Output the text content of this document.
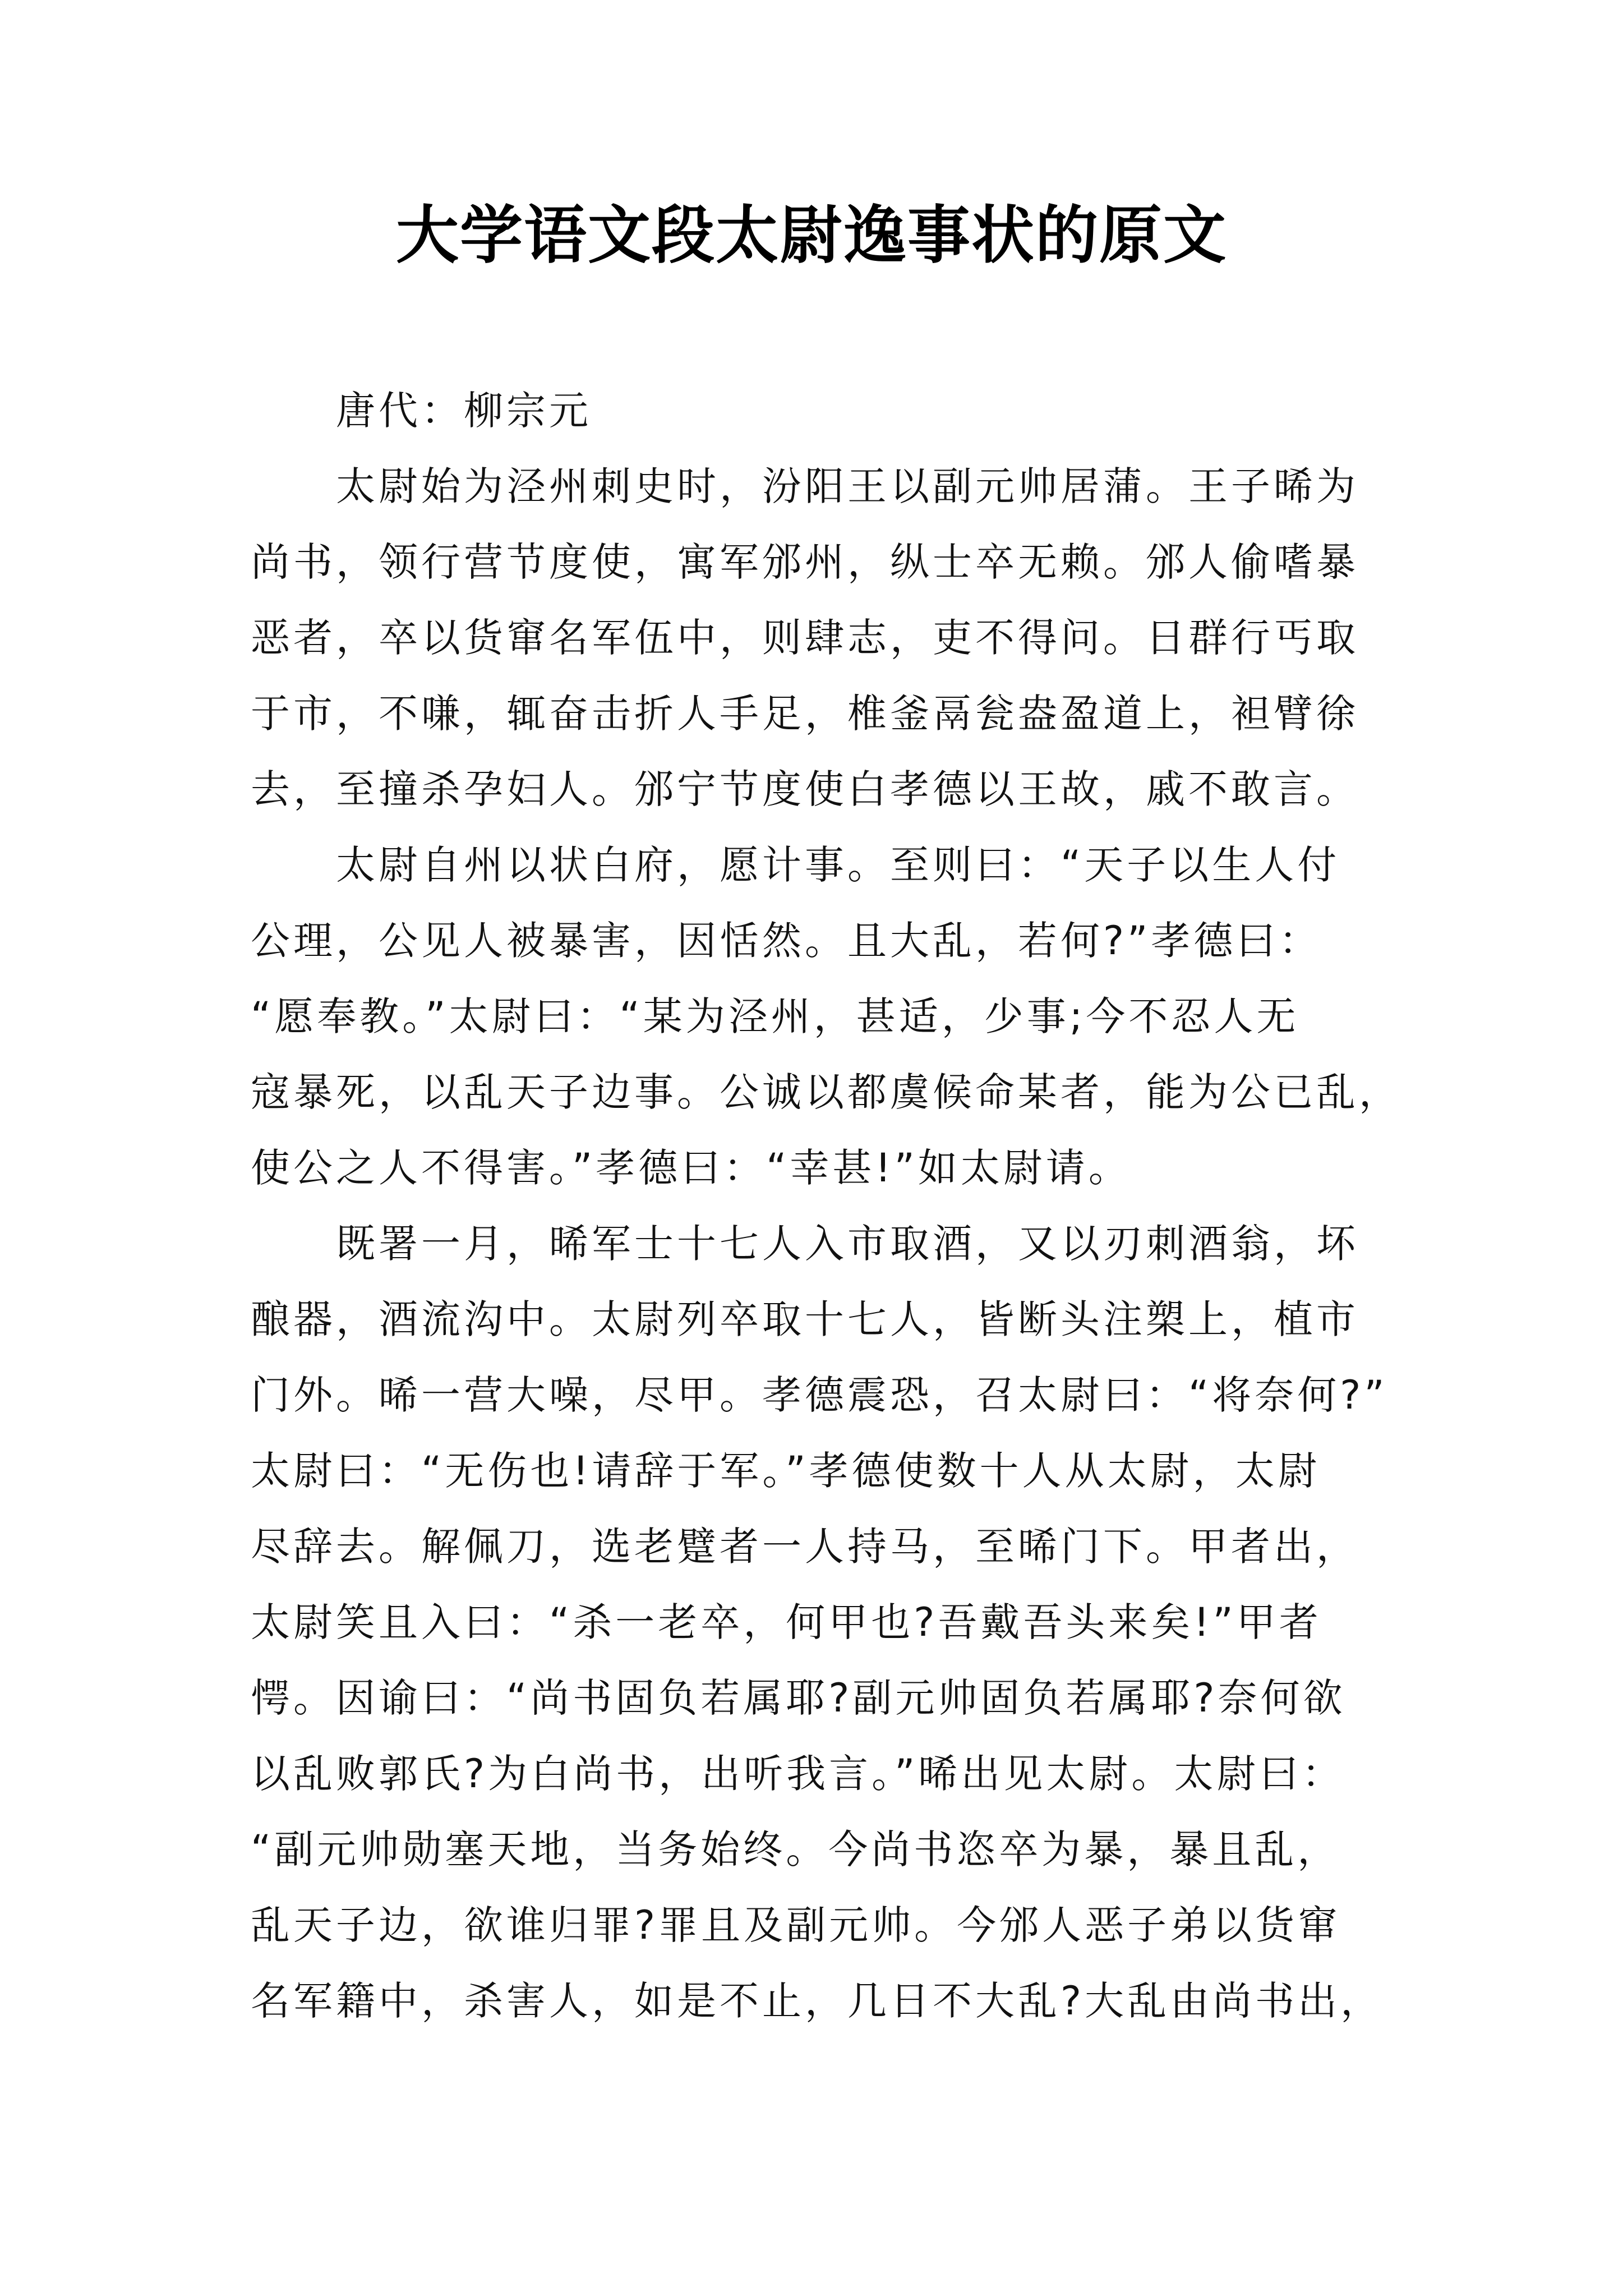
大学语文段太尉逸事状的原文
唐代：柳宗元
太尉始为泾州刺史时，汾阳王以副元帅居蒲。王子晞为
尚书，领行营节度使，寓军邠州，纵士卒无赖。邠人偷嗜暴
恶者，卒以货窜名军伍中，则肆志，吏不得问。日群行丐取
于市，不嗛，辄奋击折人手足，椎釜鬲瓮盎盈道上，袒臂徐
去，至撞杀孕妇人。邠宁节度使白孝德以王故，戚不敢言。
太尉自州以状白府，愿计事。至则曰：“天子以生人付
公理，公见人被暴害，因恬然。且大乱，若何?”孝德曰：
“愿奉教。”太尉曰：“某为泾州，甚适，少事;今不忍人无
寇暴死，以乱天子边事。公诚以都虞候命某者，能为公已乱，
使公之人不得害。”孝德曰：“幸甚!”如太尉请。
既署一月，晞军士十七人入市取酒，又以刃刺酒翁，坏
酿器，酒流沟中。太尉列卒取十七人，皆断头注槊上，植市
门外。晞一营大噪，尽甲。孝德震恐，召太尉曰：“将奈何?”
太尉曰：“无伤也!请辞于军。”孝德使数十人从太尉，太尉
尽辞去。解佩刀，选老躄者一人持马，至晞门下。甲者出，
太尉笑且入曰：“杀一老卒，何甲也?吾戴吾头来矣!”甲者
愕。因谕曰：“尚书固负若属耶?副元帅固负若属耶?奈何欲
以乱败郭氏?为白尚书，出听我言。”晞出见太尉。太尉曰：
“副元帅勋塞天地，当务始终。今尚书恣卒为暴，暴且乱，
乱天子边，欲谁归罪?罪且及副元帅。今邠人恶子弟以货窜
名军籍中，杀害人，如是不止，几日不大乱?大乱由尚书出，
